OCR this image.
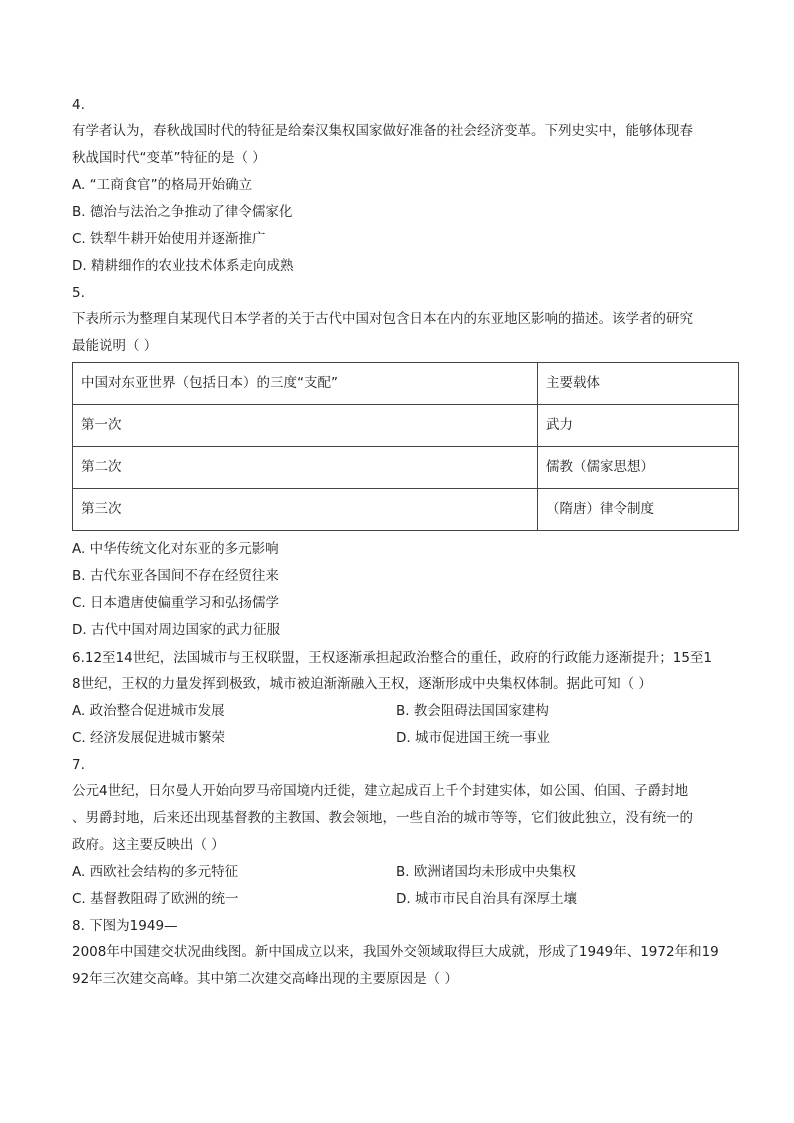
4.
有学者认为，春秋战国时代的特征是给秦汉集权国家做好准备的社会经济变革。下列史实中，能够体现春
秋战国时代“变革”特征的是（ ）
A. “工商食官”的格局开始确立
B. 德治与法治之争推动了律令儒家化
C. 铁犁牛耕开始使用并逐渐推广
D. 精耕细作的农业技术体系走向成熟
5.
下表所示为整理自某现代日本学者的关于古代中国对包含日本在内的东亚地区影响的描述。该学者的研究
最能说明（ ）
中国对东亚世界（包括日本）的三度“支配”	主要载体
第一次	武力
第二次	儒教（儒家思想）
第三次	（隋唐）律令制度
A. 中华传统文化对东亚的多元影响
B. 古代东亚各国间不存在经贸往来
C. 日本遣唐使偏重学习和弘扬儒学
D. 古代中国对周边国家的武力征服
6.12至14世纪，法国城市与王权联盟，王权逐渐承担起政治整合的重任，政府的行政能力逐渐提升；15至1
8世纪，王权的力量发挥到极致，城市被迫渐渐融入王权，逐渐形成中央集权体制。据此可知（ ）
A. 政治整合促进城市发展	B. 教会阻碍法国国家建构
C. 经济发展促进城市繁荣	D. 城市促进国王统一事业
7.
公元4世纪，日尔曼人开始向罗马帝国境内迁徙，建立起成百上千个封建实体，如公国、伯国、子爵封地
、男爵封地，后来还出现基督教的主教国、教会领地，一些自治的城市等等，它们彼此独立，没有统一的
政府。这主要反映出（ ）
A. 西欧社会结构的多元特征	B. 欧洲诸国均未形成中央集权
C. 基督教阻碍了欧洲的统一	D. 城市市民自治具有深厚土壤
8. 下图为1949—
2008年中国建交状况曲线图。新中国成立以来，我国外交领域取得巨大成就，形成了1949年、1972年和19
92年三次建交高峰。其中第二次建交高峰出现的主要原因是（ ）
